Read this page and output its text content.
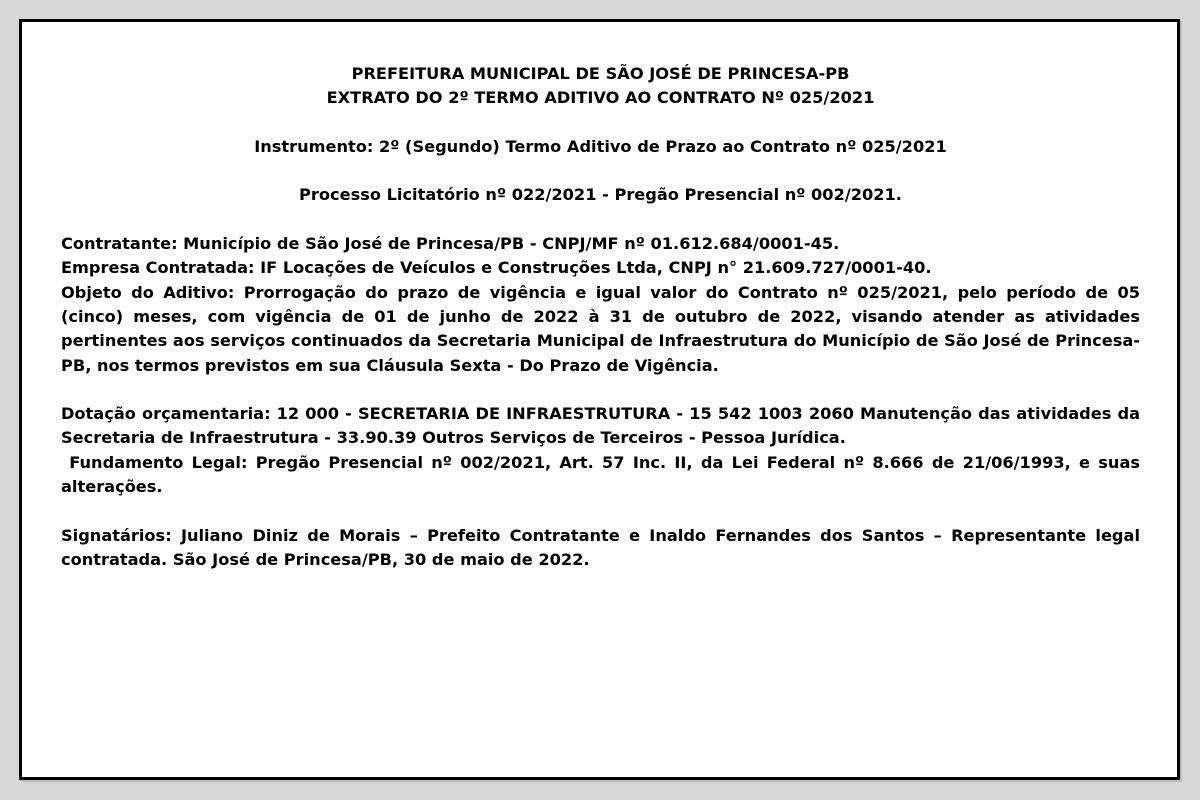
PREFEITURA MUNICIPAL DE SÃO JOSÉ DE PRINCESA-PB

EXTRATO DO 2º TERMO ADITIVO AO CONTRATO Nº 025/2021

Instrumento: 2º (Segundo) Termo Aditivo de Prazo ao Contrato nº 025/2021

Processo Licitatório nº 022/2021 - Pregão Presencial nº 002/2021.

Contratante: Município de São José de Princesa/PB - CNPJ/MF nº 01.612.684/0001-45.

Empresa Contratada: IF Locações de Veículos e Construções Ltda, CNPJ n° 21.609.727/0001-40.

Objeto do Aditivo: Prorrogação do prazo de vigência e igual valor do Contrato nº 025/2021, pelo período de 05 (cinco) meses, com vigência de 01 de junho de 2022 à 31 de outubro de 2022, visando atender as atividades pertinentes aos serviços continuados da Secretaria Municipal de Infraestrutura do Município de São José de Princesa-PB, nos termos previstos em sua Cláusula Sexta - Do Prazo de Vigência.

Dotação orçamentaria: 12 000 - SECRETARIA DE INFRAESTRUTURA - 15 542 1003 2060 Manutenção das atividades da Secretaria de Infraestrutura - 33.90.39 Outros Serviços de Terceiros - Pessoa Jurídica.

Fundamento Legal: Pregão Presencial nº 002/2021, Art. 57 Inc. II, da Lei Federal nº 8.666 de 21/06/1993, e suas alterações.

Signatários: Juliano Diniz de Morais – Prefeito Contratante e Inaldo Fernandes dos Santos – Representante legal contratada. São José de Princesa/PB, 30 de maio de 2022.
